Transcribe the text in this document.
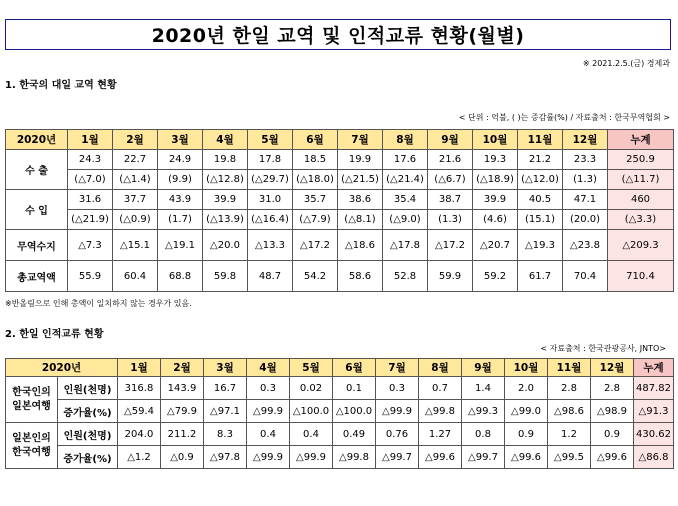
2020년 한일 교역 및 인적교류 현황(월별)
※ 2021.2.5.(금) 경제과
1. 한국의 대일 교역 현황
< 단위 : 억불, ( )는 증감률(%) / 자료출처 : 한국무역협회 >
2020년	1월	2월	3월	4월	5월	6월	7월	8월	9월	10월	11월	12월	누계
수 출	24.3	22.7	24.9	19.8	17.8	18.5	19.9	17.6	21.6	19.3	21.2	23.3	250.9
	(△7.0)	(△1.4)	(9.9)	(△12.8)	(△29.7)	(△18.0)	(△21.5)	(△21.4)	(△6.7)	(△18.9)	(△12.0)	(1.3)	(△11.7)
수 입	31.6	37.7	43.9	39.9	31.0	35.7	38.6	35.4	38.7	39.9	40.5	47.1	460
	(△21.9)	(△0.9)	(1.7)	(△13.9)	(△16.4)	(△7.9)	(△8.1)	(△9.0)	(1.3)	(4.6)	(15.1)	(20.0)	(△3.3)
무역수지	△7.3	△15.1	△19.1	△20.0	△13.3	△17.2	△18.6	△17.8	△17.2	△20.7	△19.3	△23.8	△209.3
총교역액	55.9	60.4	68.8	59.8	48.7	54.2	58.6	52.8	59.9	59.2	61.7	70.4	710.4
※반올림으로 인해 총액이 일치하지 않는 경우가 있음.
2. 한일 인적교류 현황
< 자료출처 : 한국관광공사, JNTO>
2020년		1월	2월	3월	4월	5월	6월	7월	8월	9월	10월	11월	12월	누계
한국인의 일본여행	인원(천명)	316.8	143.9	16.7	0.3	0.02	0.1	0.3	0.7	1.4	2.0	2.8	2.8	487.82
	증가율(%)	△59.4	△79.9	△97.1	△99.9	△100.0	△100.0	△99.9	△99.8	△99.3	△99.0	△98.6	△98.9	△91.3
일본인의 한국여행	인원(천명)	204.0	211.2	8.3	0.4	0.4	0.49	0.76	1.27	0.8	0.9	1.2	0.9	430.62
	증가율(%)	△1.2	△0.9	△97.8	△99.9	△99.9	△99.8	△99.7	△99.6	△99.7	△99.6	△99.5	△99.6	△86.8
